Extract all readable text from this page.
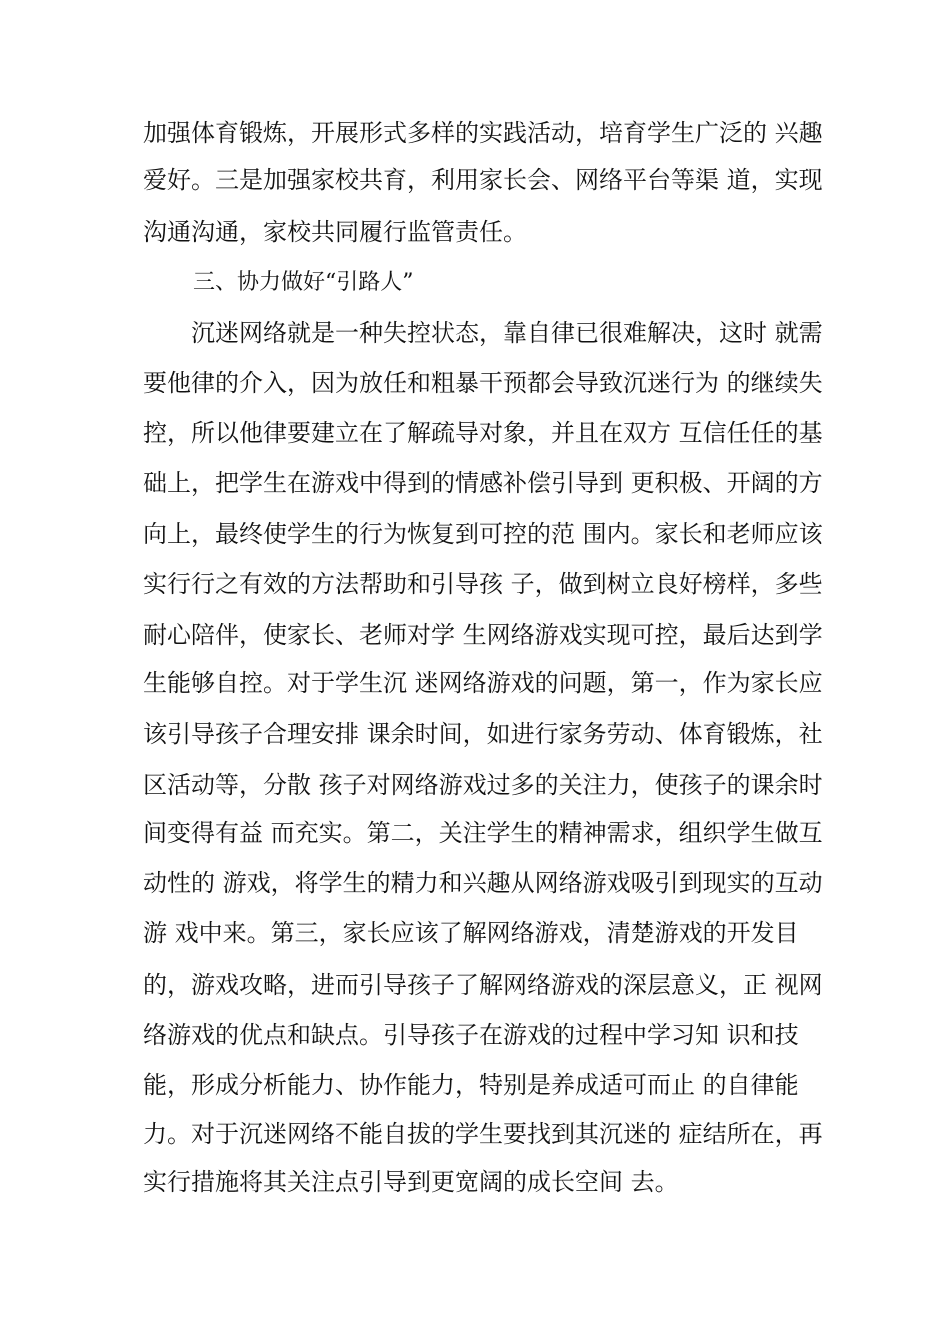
加强体育锻炼，开展形式多样的实践活动，培育学生广泛的 兴趣
爱好。三是加强家校共育，利用家长会、网络平台等渠 道，实现
沟通沟通，家校共同履行监管责任。
三、协力做好“引路人”
　　沉迷网络就是一种失控状态，靠自律已很难解决，这时 就需
要他律的介入，因为放任和粗暴干预都会导致沉迷行为 的继续失
控，所以他律要建立在了解疏导对象，并且在双方 互信任任的基
础上，把学生在游戏中得到的情感补偿引导到 更积极、开阔的方
向上，最终使学生的行为恢复到可控的范 围内。家长和老师应该
实行行之有效的方法帮助和引导孩 子，做到树立良好榜样，多些
耐心陪伴，使家长、老师对学 生网络游戏实现可控，最后达到学
生能够自控。对于学生沉 迷网络游戏的问题，第一，作为家长应
该引导孩子合理安排 课余时间，如进行家务劳动、体育锻炼，社
区活动等，分散 孩子对网络游戏过多的关注力，使孩子的课余时
间变得有益 而充实。第二，关注学生的精神需求，组织学生做互
动性的 游戏，将学生的精力和兴趣从网络游戏吸引到现实的互动
游 戏中来。第三，家长应该了解网络游戏，清楚游戏的开发目
的，游戏攻略，进而引导孩子了解网络游戏的深层意义，正 视网
络游戏的优点和缺点。引导孩子在游戏的过程中学习知 识和技
能，形成分析能力、协作能力，特别是养成适可而止 的自律能
力。对于沉迷网络不能自拔的学生要找到其沉迷的 症结所在，再
实行措施将其关注点引导到更宽阔的成长空间 去。
